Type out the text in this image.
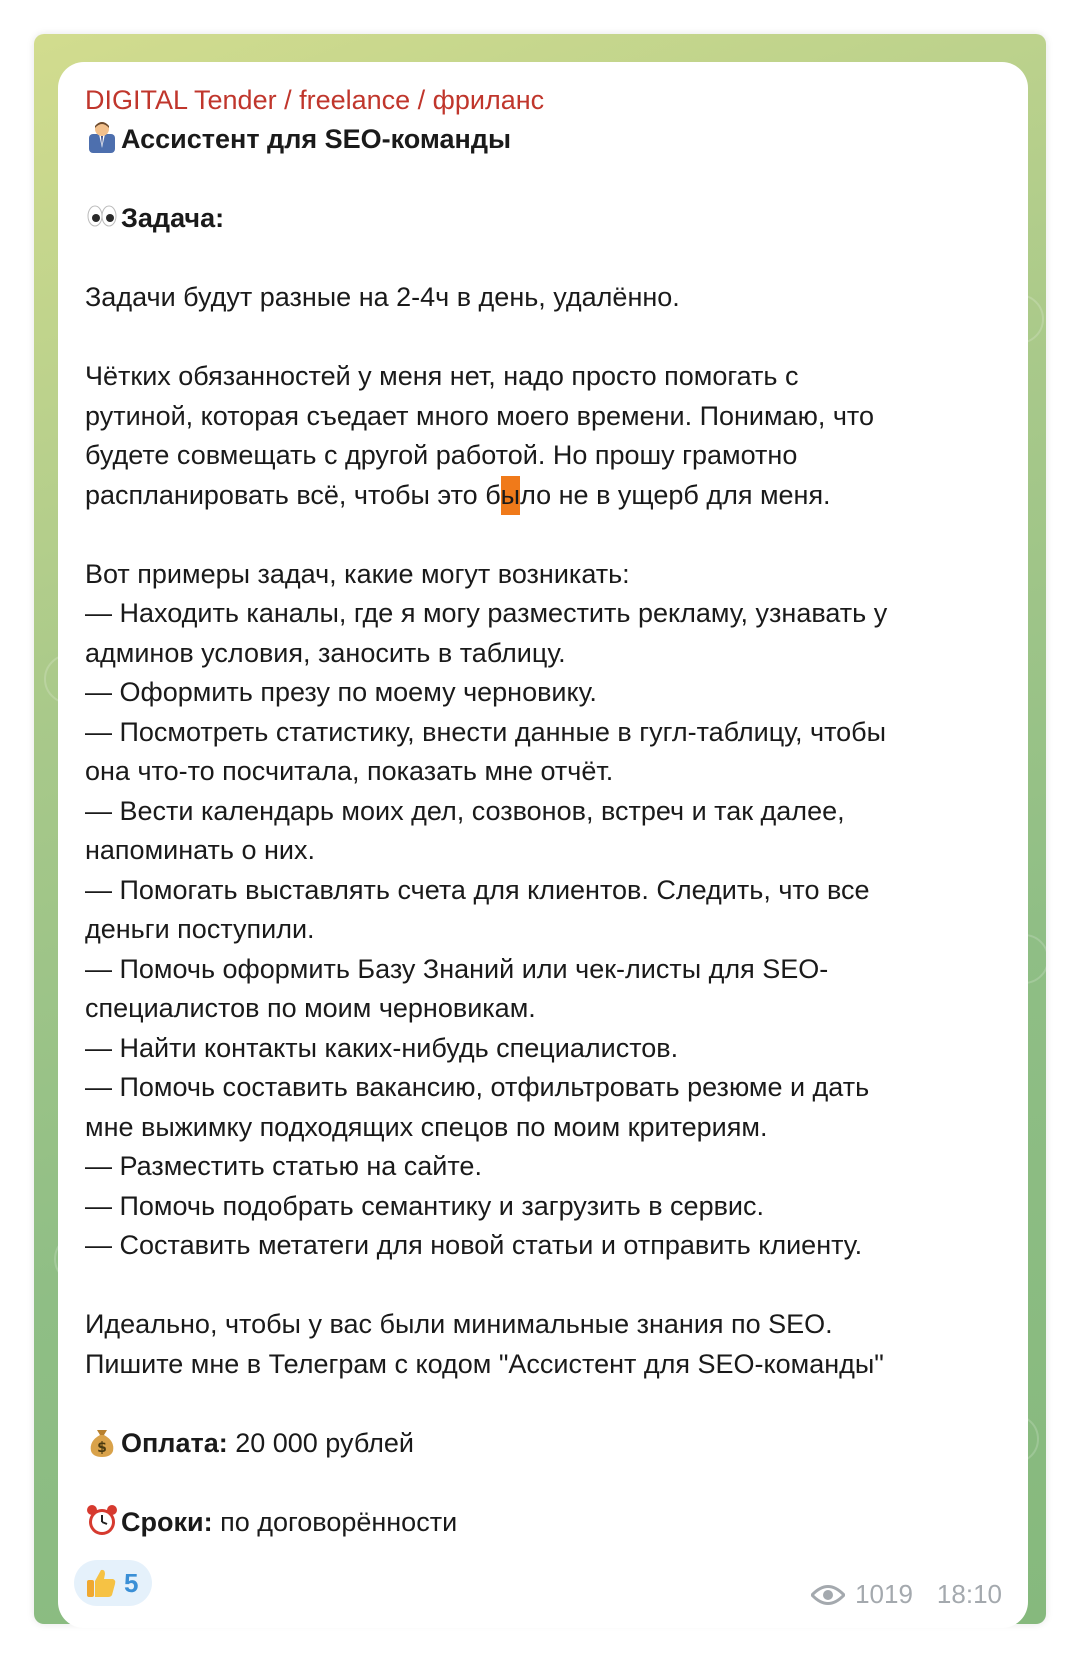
DIGITAL Tender / freelance / фриланс
Ассистент для SEO-команды
Задача:
Задачи будут разные на 2-4ч в день, удалённо.
Чётких обязанностей у меня нет, надо просто помогать с
рутиной, которая съедает много моего времени. Понимаю, что
будете совмещать с другой работой. Но прошу грамотно
распланировать всё, чтобы это было не в ущерб для меня.
Вот примеры задач, какие могут возникать:
— Находить каналы, где я могу разместить рекламу, узнавать у
админов условия, заносить в таблицу.
— Оформить презу по моему черновику.
— Посмотреть статистику, внести данные в гугл-таблицу, чтобы
она что-то посчитала, показать мне отчёт.
— Вести календарь моих дел, созвонов, встреч и так далее,
напоминать о них.
— Помогать выставлять счета для клиентов. Следить, что все
деньги поступили.
— Помочь оформить Базу Знаний или чек-листы для SEO-
специалистов по моим черновикам.
— Найти контакты каких-нибудь специалистов.
— Помочь составить вакансию, отфильтровать резюме и дать
мне выжимку подходящих спецов по моим критериям.
— Разместить статью на сайте.
— Помочь подобрать семантику и загрузить в сервис.
— Составить метатеги для новой статьи и отправить клиенту.
Идеально, чтобы у вас были минимальные знания по SEO.
Пишите мне в Телеграм с кодом "Ассистент для SEO-команды"
$ Оплата: 20 000 рублей
Сроки: по договорённости
5	1019 18:10
